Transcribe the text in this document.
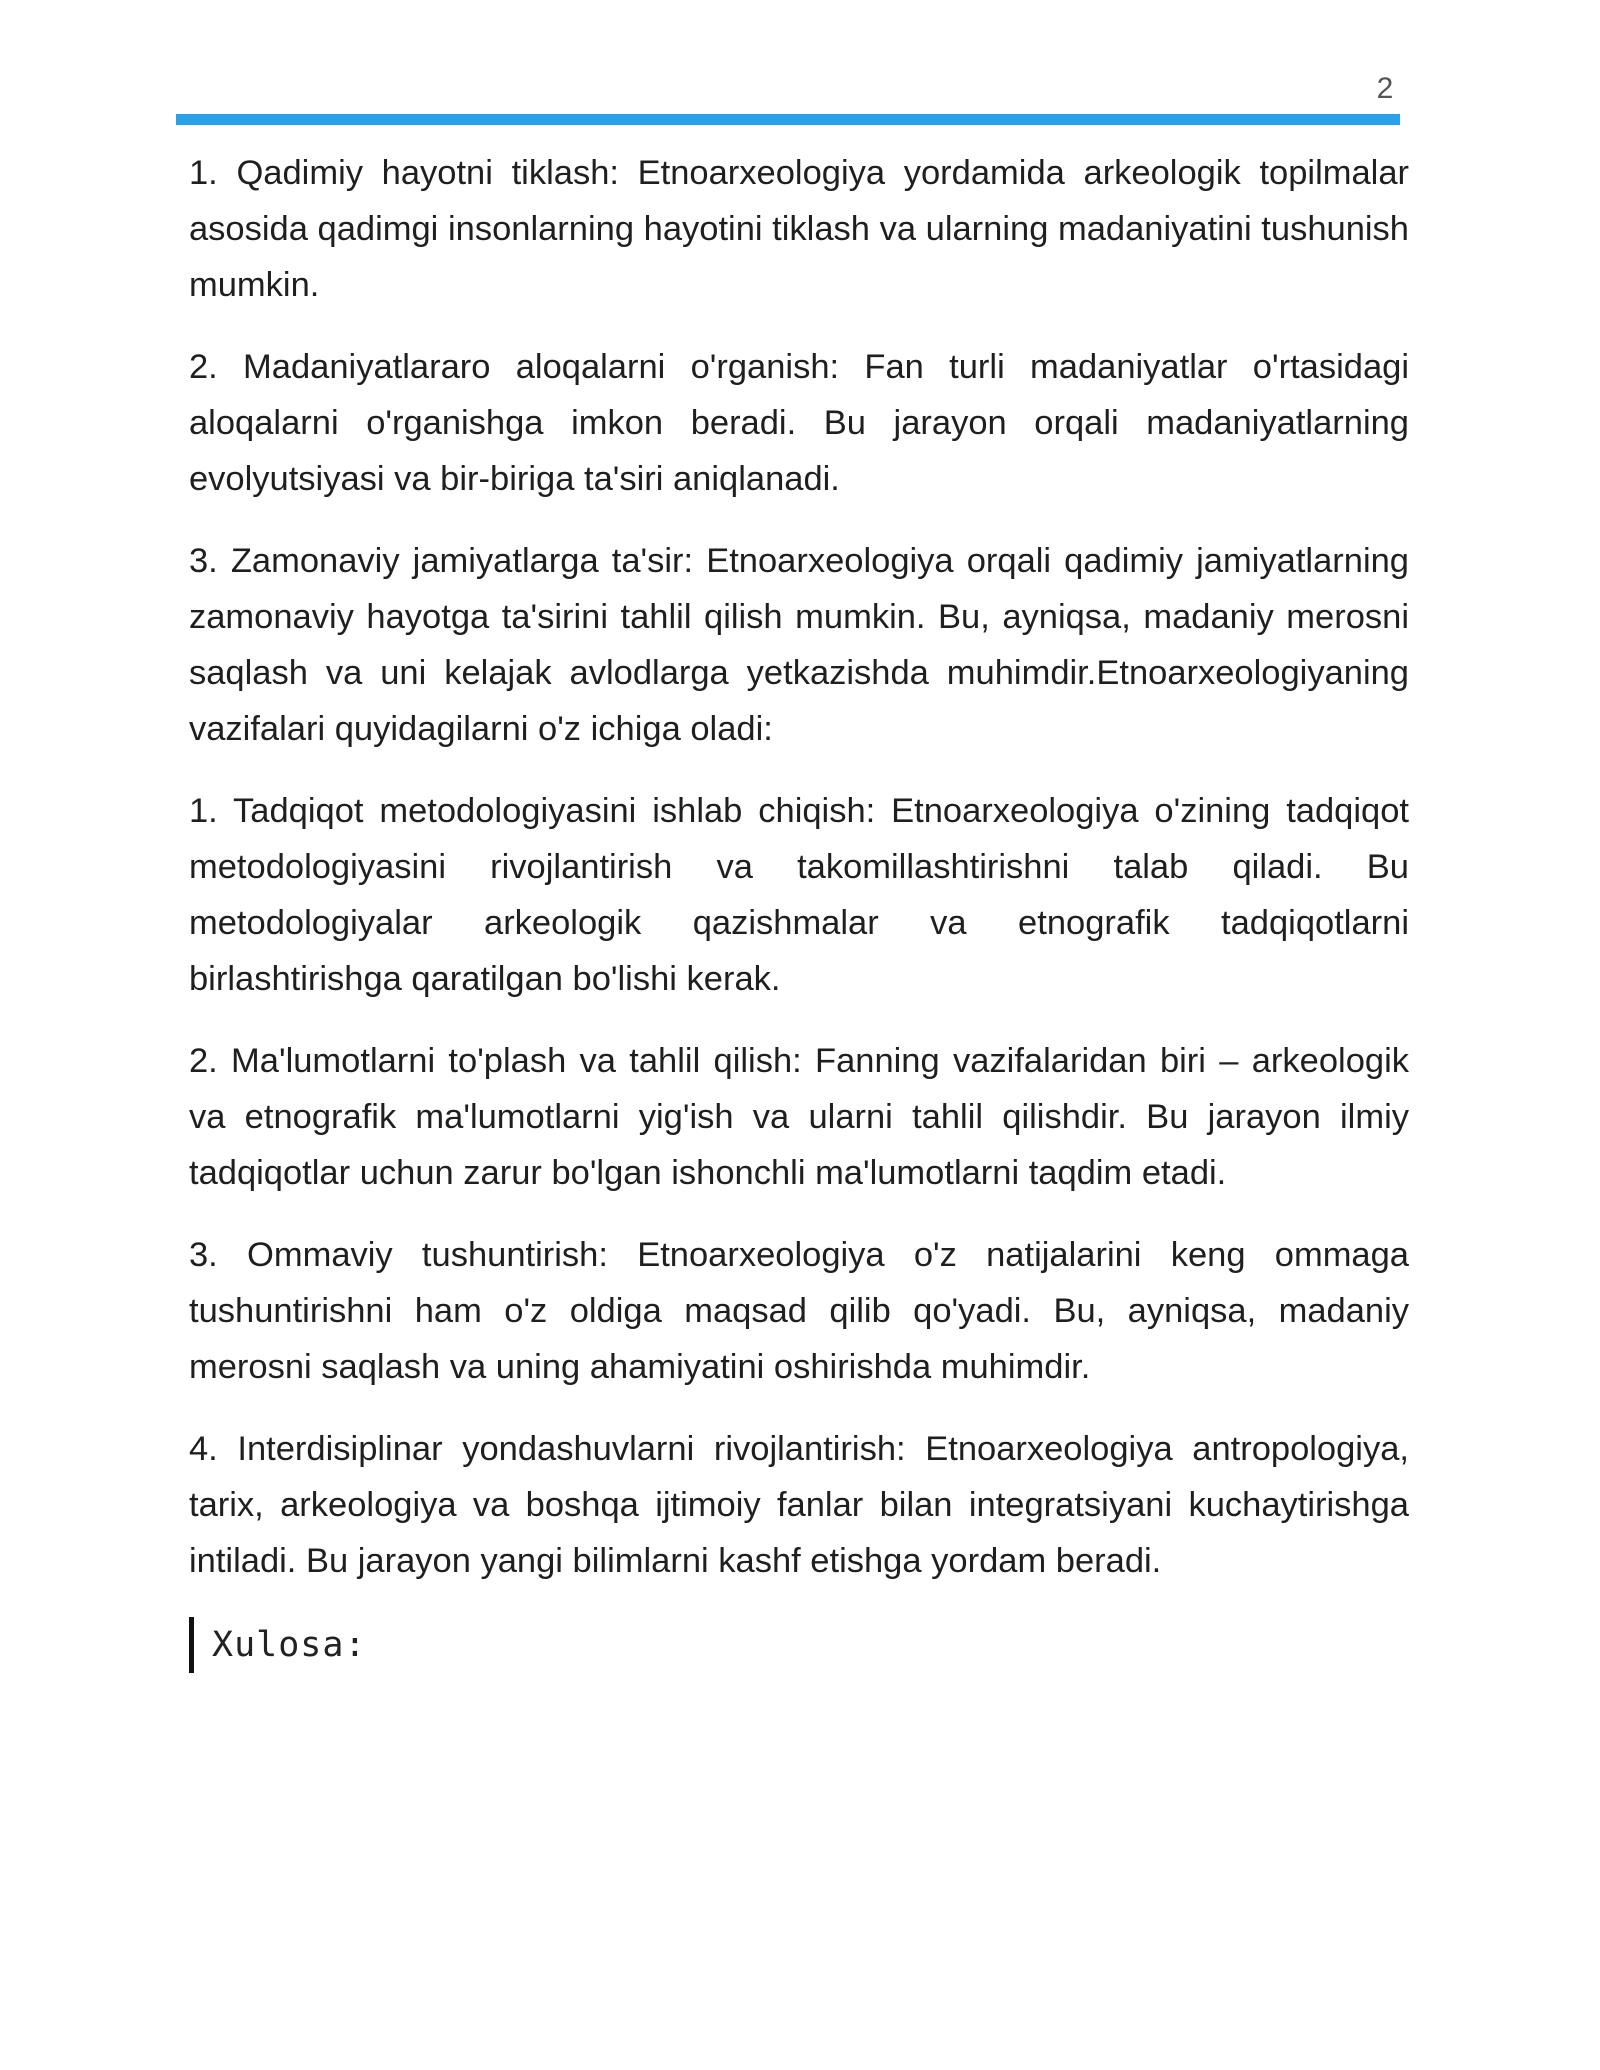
2

1. Qadimiy hayotni tiklash: Etnoarxeologiya yordamida arkeologik topilmalar asosida qadimgi insonlarning hayotini tiklash va ularning madaniyatini tushunish mumkin.

2. Madaniyatlararo aloqalarni o'rganish: Fan turli madaniyatlar o'rtasidagi aloqalarni o'rganishga imkon beradi. Bu jarayon orqali madaniyatlarning evolyutsiyasi va bir-biriga ta'siri aniqlanadi.

3. Zamonaviy jamiyatlarga ta'sir: Etnoarxeologiya orqali qadimiy jamiyatlarning zamonaviy hayotga ta'sirini tahlil qilish mumkin. Bu, ayniqsa, madaniy merosni saqlash va uni kelajak avlodlarga yetkazishda muhimdir.Etnoarxeologiyaning vazifalari quyidagilarni o'z ichiga oladi:

1. Tadqiqot metodologiyasini ishlab chiqish: Etnoarxeologiya o'zining tadqiqot metodologiyasini rivojlantirish va takomillashtirishni talab qiladi. Bu metodologiyalar arkeologik qazishmalar va etnografik tadqiqotlarni birlashtirishga qaratilgan bo'lishi kerak.

2. Ma'lumotlarni to'plash va tahlil qilish: Fanning vazifalaridan biri – arkeologik va etnografik ma'lumotlarni yig'ish va ularni tahlil qilishdir. Bu jarayon ilmiy tadqiqotlar uchun zarur bo'lgan ishonchli ma'lumotlarni taqdim etadi.

3. Ommaviy tushuntirish: Etnoarxeologiya o'z natijalarini keng ommaga tushuntirishni ham o'z oldiga maqsad qilib qo'yadi. Bu, ayniqsa, madaniy merosni saqlash va uning ahamiyatini oshirishda muhimdir.

4. Interdisiplinar yondashuvlarni rivojlantirish: Etnoarxeologiya antropologiya, tarix, arkeologiya va boshqa ijtimoiy fanlar bilan integratsiyani kuchaytirishga intiladi. Bu jarayon yangi bilimlarni kashf etishga yordam beradi.

Xulosa:
